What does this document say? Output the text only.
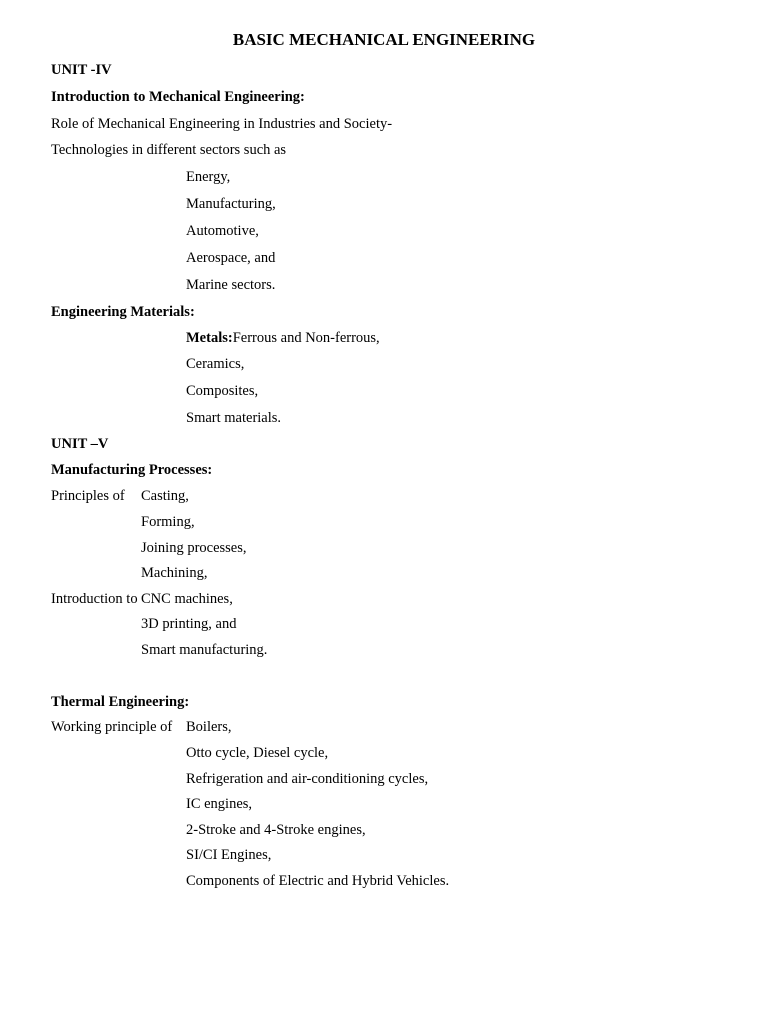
BASIC MECHANICAL ENGINEERING
UNIT -IV
Introduction to Mechanical Engineering:
Role of Mechanical Engineering in Industries and Society-
Technologies in different sectors such as
Energy,
Manufacturing,
Automotive,
Aerospace, and
Marine sectors.
Engineering Materials:
Metals:Ferrous and Non-ferrous,
Ceramics,
Composites,
Smart materials.
UNIT –V
Manufacturing Processes:
Principles of Casting,
Forming,
Joining processes,
Machining,
Introduction to CNC machines,
3D printing, and
Smart manufacturing.
Thermal Engineering:
Working principle of Boilers,
Otto cycle, Diesel cycle,
Refrigeration and air-conditioning cycles,
IC engines,
2-Stroke and 4-Stroke engines,
SI/CI Engines,
Components of Electric and Hybrid Vehicles.
